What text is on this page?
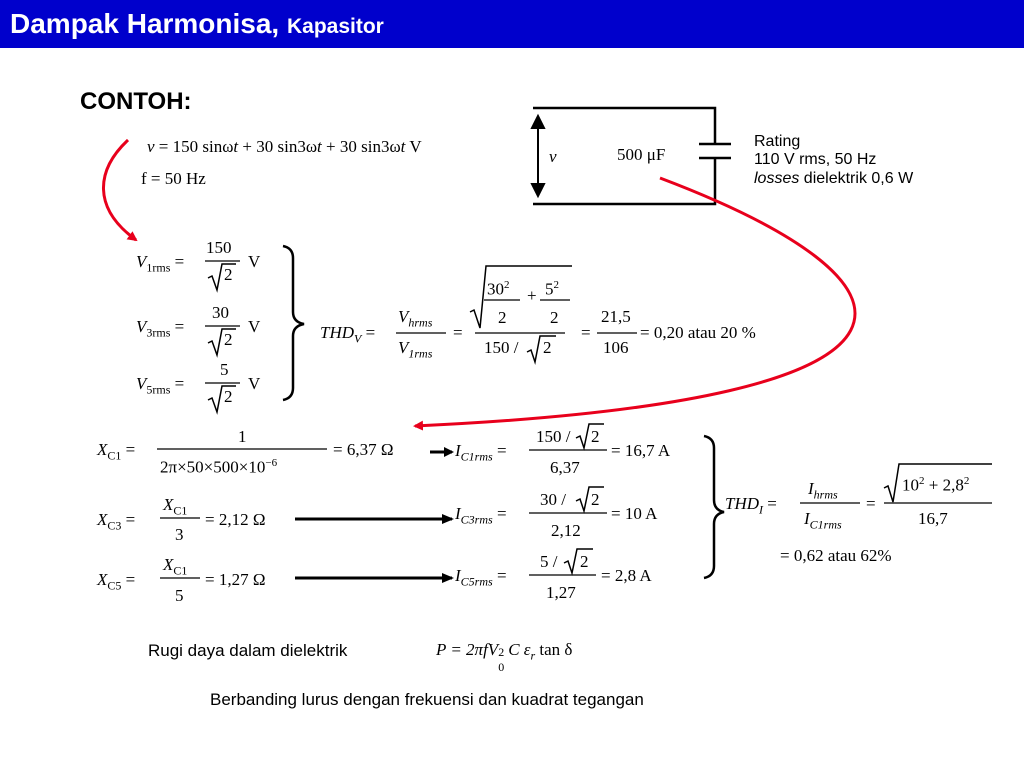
Dampak Harmonisa, Kapasitor
CONTOH:
v = 150 sinωt + 30 sin3ωt + 30 sin3ωt V
f = 50 Hz
v	500 μF
Rating
110 V rms, 50 Hz
losses dielektrik 0,6 W
$V_{1rms}$ =
150
2
V
$V_{3rms}$ =
30
2
V
$V_{5rms}$ =
5
2
V
$THD_V$ =
$V_{hrms}$
$V_{1rms}$
=
$30^2$
+ $5^2$
2	2
150 / 2
=
21,5
106
= 0,20 atau 20 %
$X_{C1}$ =
1
$2\pi\times 50\times 500\times 10^{-6}$
= 6,37 Ω
$X_{C3}$ =
$X_{C1}$
3
= 2,12 Ω
$X_{C5}$ =
$X_{C1}$
5
= 1,27 Ω
$I_{C1rms}$ =
150 / 2
6,37
= 16,7 A
$I_{C3rms}$ =
30 / 2
2,12
= 10 A
$I_{C5rms}$ =
5 / 2
1,27
= 2,8 A
$THD_I$ =
$I_{hrms}$
$I_{C1rms}$
=
$10^2 + 2,8^2$
16,7
= 0,62 atau 62%
Rugi daya dalam dielektrik	P = 2πfV 2
0
C $\varepsilon_r$ tan δ
Berbanding lurus dengan frekuensi dan kuadrat tegangan
